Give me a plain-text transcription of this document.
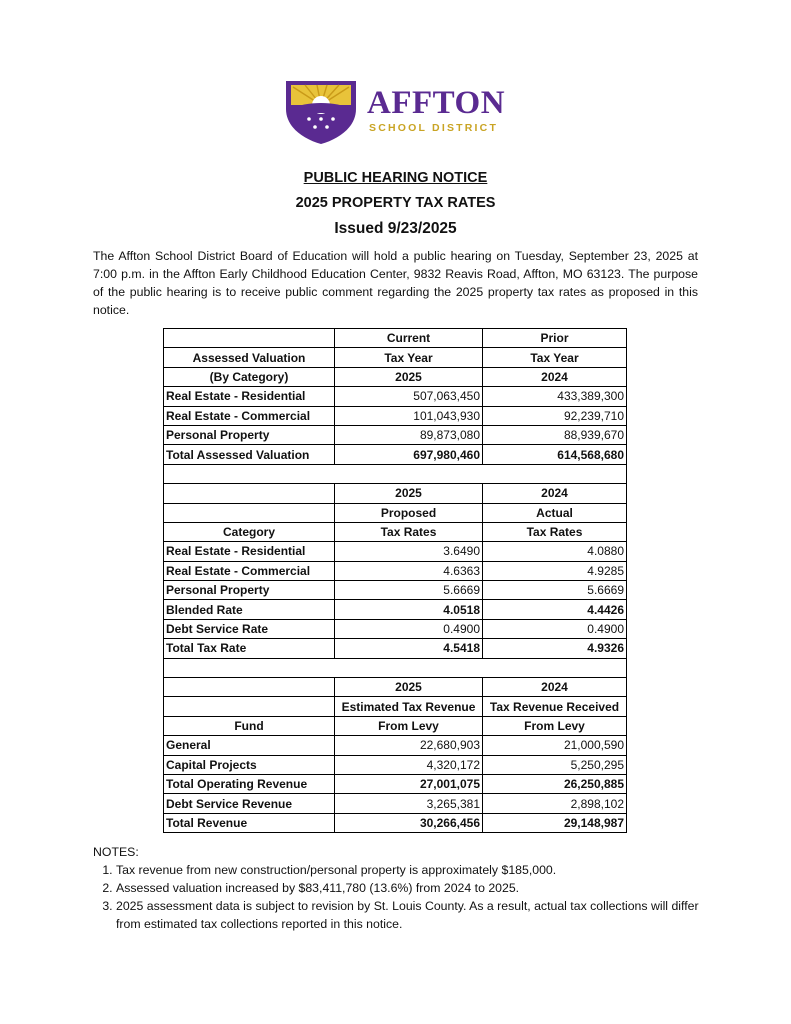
AFFTON
SCHOOL DISTRICT
PUBLIC HEARING NOTICE
2025 PROPERTY TAX RATES
Issued 9/23/2025
The Affton School District Board of Education will hold a public hearing on Tuesday, September 23, 2025 at 7:00 p.m. in the Affton Early Childhood Education Center, 9832 Reavis Road, Affton, MO 63123. The purpose of the public hearing is to receive public comment regarding the 2025 property tax rates as proposed in this notice.
	Current	Prior
Assessed Valuation	Tax Year	Tax Year
(By Category)	2025	2024
Real Estate - Residential	507,063,450	433,389,300
Real Estate - Commercial	101,043,930	92,239,710
Personal Property	89,873,080	88,939,670
Total Assessed Valuation	697,980,460	614,568,680

	2025	2024
	Proposed	Actual
Category	Tax Rates	Tax Rates
Real Estate - Residential	3.6490	4.0880
Real Estate - Commercial	4.6363	4.9285
Personal Property	5.6669	5.6669
Blended Rate	4.0518	4.4426
Debt Service Rate	0.4900	0.4900
Total Tax Rate	4.5418	4.9326

	2025	2024
	Estimated Tax Revenue	Tax Revenue Received
Fund	From Levy	From Levy
General	22,680,903	21,000,590
Capital Projects	4,320,172	5,250,295
Total Operating Revenue	27,001,075	26,250,885
Debt Service Revenue	3,265,381	2,898,102
Total Revenue	30,266,456	29,148,987
NOTES:
1. Tax revenue from new construction/personal property is approximately $185,000.
2. Assessed valuation increased by $83,411,780 (13.6%) from 2024 to 2025.
3. 2025 assessment data is subject to revision by St. Louis County. As a result, actual tax collections will differ from estimated tax collections reported in this notice.
